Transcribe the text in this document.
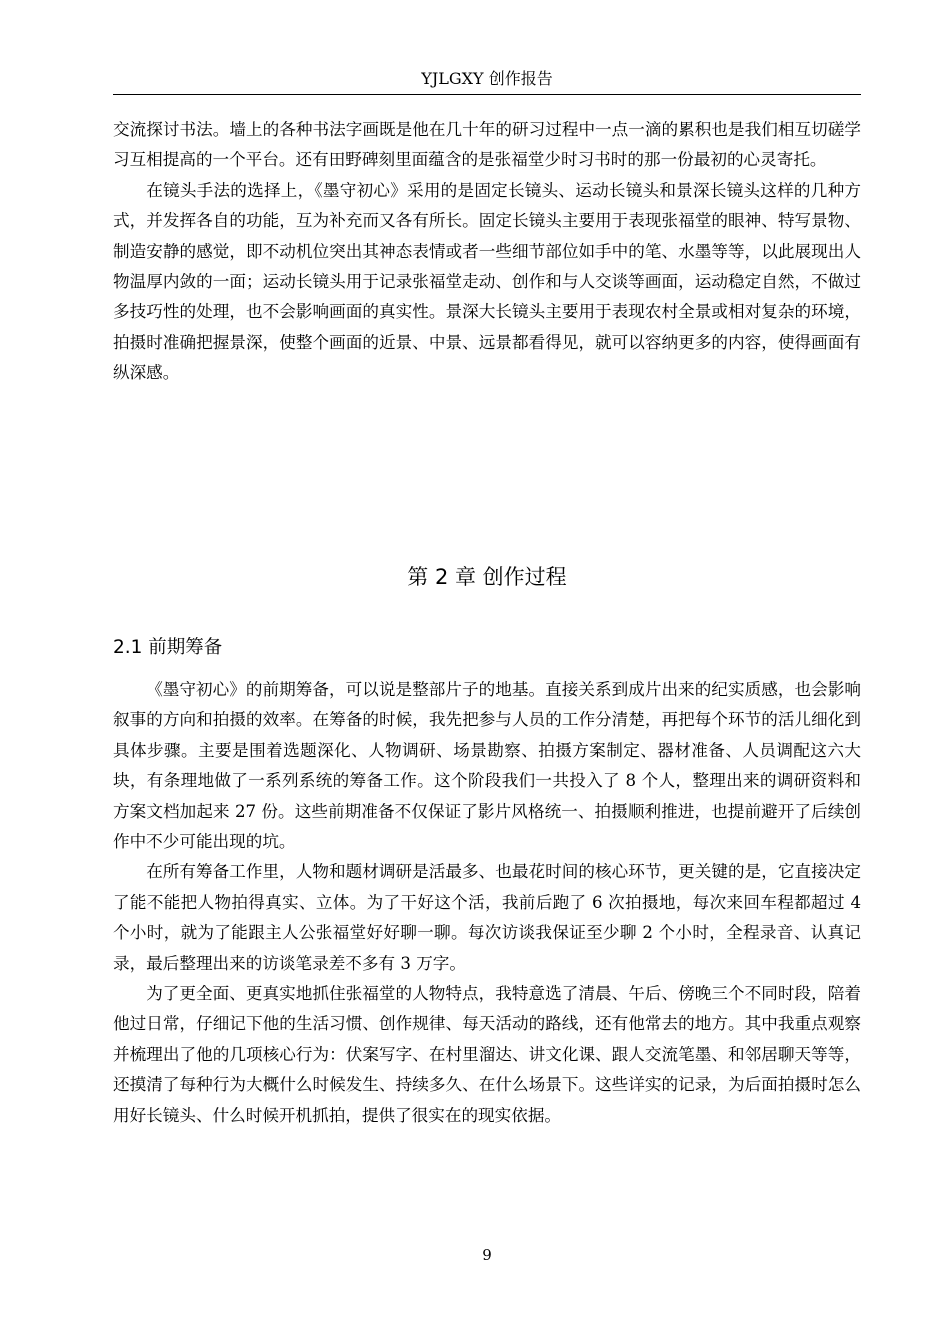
YJLGXY 创作报告

交流探讨书法。墙上的各种书法字画既是他在几十年的研习过程中一点一滴的累积也是我们相互切磋学习互相提高的一个平台。还有田野碑刻里面蕴含的是张福堂少时习书时的那一份最初的心灵寄托。

在镜头手法的选择上，《墨守初心》采用的是固定长镜头、运动长镜头和景深长镜头这样的几种方式，并发挥各自的功能，互为补充而又各有所长。固定长镜头主要用于表现张福堂的眼神、特写景物、制造安静的感觉，即不动机位突出其神态表情或者一些细节部位如手中的笔、水墨等等，以此展现出人物温厚内敛的一面；运动长镜头用于记录张福堂走动、创作和与人交谈等画面，运动稳定自然，不做过多技巧性的处理，也不会影响画面的真实性。景深大长镜头主要用于表现农村全景或相对复杂的环境，拍摄时准确把握景深，使整个画面的近景、中景、远景都看得见，就可以容纳更多的内容，使得画面有纵深感。

第 2 章 创作过程
2.1 前期筹备

《墨守初心》的前期筹备，可以说是整部片子的地基。直接关系到成片出来的纪实质感，也会影响叙事的方向和拍摄的效率。在筹备的时候，我先把参与人员的工作分清楚，再把每个环节的活儿细化到具体步骤。主要是围着选题深化、人物调研、场景勘察、拍摄方案制定、器材准备、人员调配这六大块，有条理地做了一系列系统的筹备工作。这个阶段我们一共投入了 8 个人，整理出来的调研资料和方案文档加起来 27 份。这些前期准备不仅保证了影片风格统一、拍摄顺利推进，也提前避开了后续创作中不少可能出现的坑。

在所有筹备工作里，人物和题材调研是活最多、也最花时间的核心环节，更关键的是，它直接决定了能不能把人物拍得真实、立体。为了干好这个活，我前后跑了 6 次拍摄地，每次来回车程都超过 4 个小时，就为了能跟主人公张福堂好好聊一聊。每次访谈我保证至少聊 2 个小时，全程录音、认真记录，最后整理出来的访谈笔录差不多有 3 万字。

为了更全面、更真实地抓住张福堂的人物特点，我特意选了清晨、午后、傍晚三个不同时段，陪着他过日常，仔细记下他的生活习惯、创作规律、每天活动的路线，还有他常去的地方。其中我重点观察并梳理出了他的几项核心行为：伏案写字、在村里溜达、讲文化课、跟人交流笔墨、和邻居聊天等等，还摸清了每种行为大概什么时候发生、持续多久、在什么场景下。这些详实的记录，为后面拍摄时怎么用好长镜头、什么时候开机抓拍，提供了很实在的现实依据。

9
